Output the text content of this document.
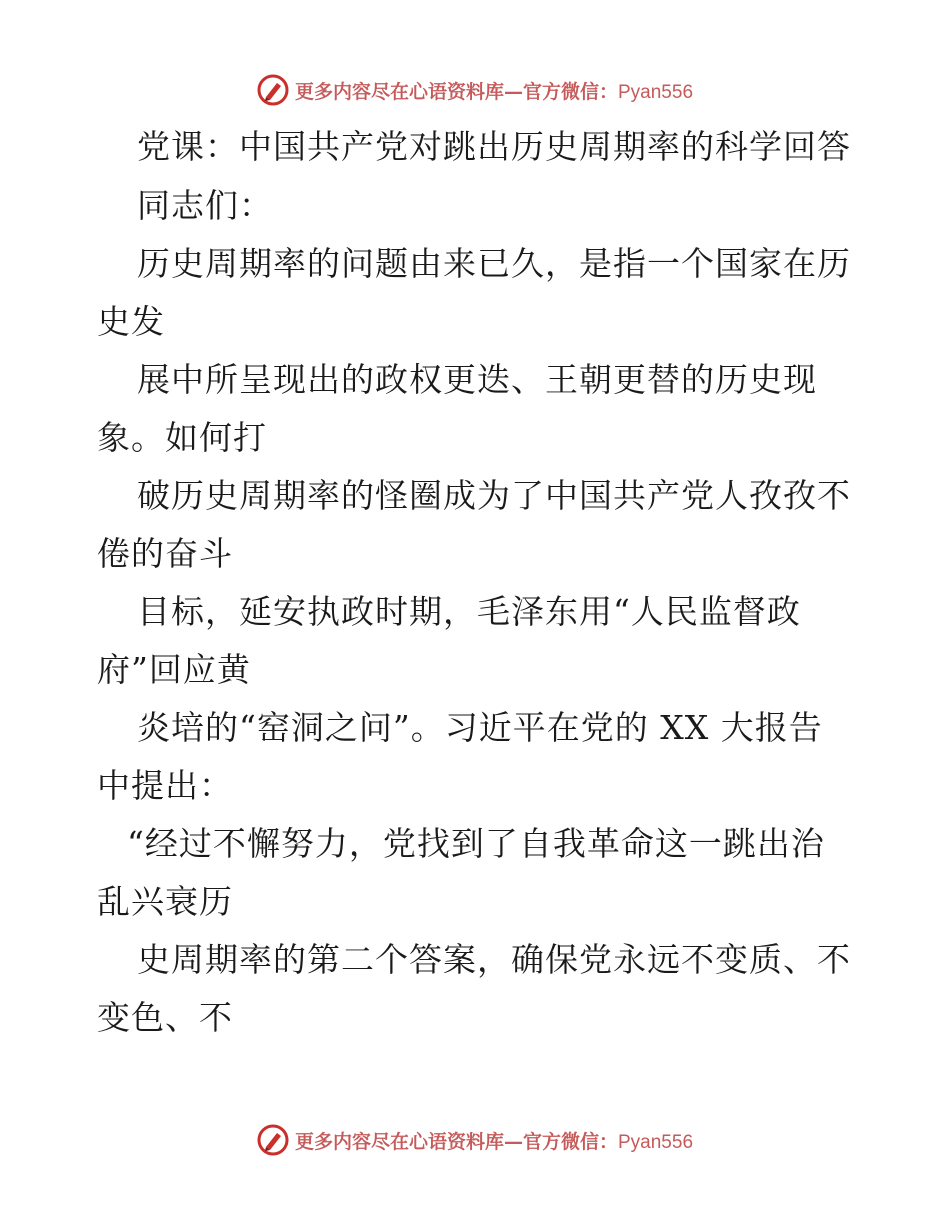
更多内容尽在心语资料库—官方微信：Pyan556
党课：中国共产党对跳出历史周期率的科学回答
同志们：
历史周期率的问题由来已久，是指一个国家在历
史发
展中所呈现出的政权更迭、王朝更替的历史现
象。如何打
破历史周期率的怪圈成为了中国共产党人孜孜不
倦的奋斗
目标，延安执政时期，毛泽东用“人民监督政
府”回应黄
炎培的“窑洞之问”。习近平在党的 XX 大报告
中提出：
“经过不懈努力，党找到了自我革命这一跳出治
乱兴衰历
史周期率的第二个答案，确保党永远不变质、不
变色、不
更多内容尽在心语资料库—官方微信：Pyan556
